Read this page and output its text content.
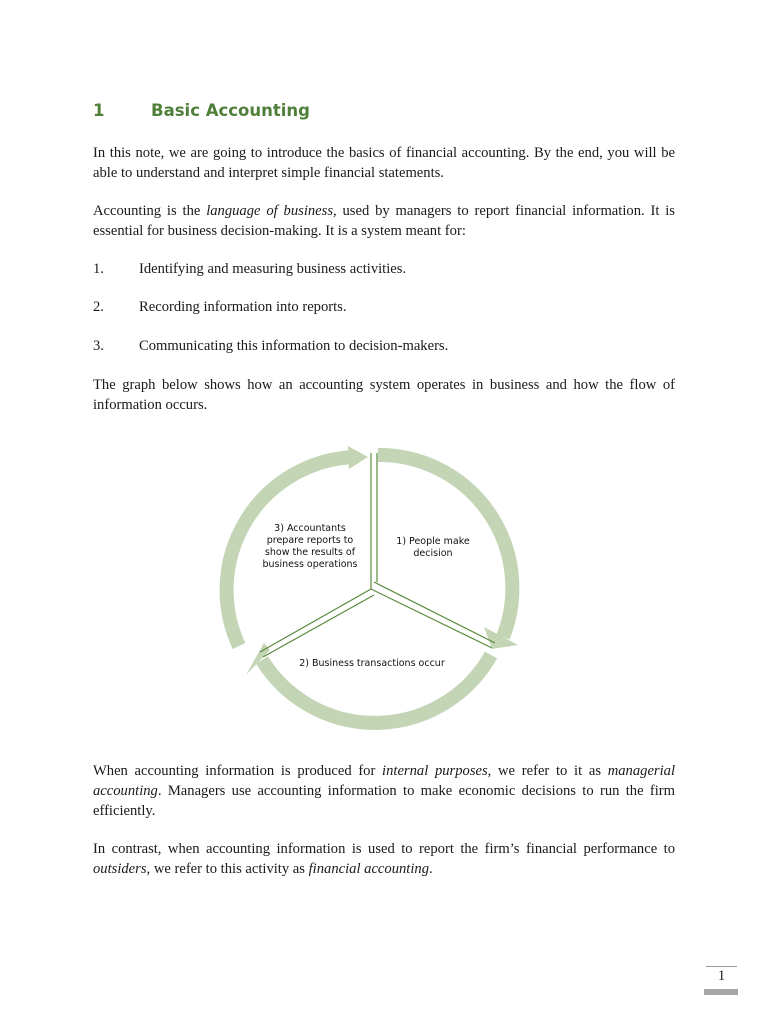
1	Basic Accounting

In this note, we are going to introduce the basics of financial accounting. By the end, you will be able to understand and interpret simple financial statements.

Accounting is the language of business, used by managers to report financial information. It is essential for business decision-making. It is a system meant for:

1. Identifying and measuring business activities.
2. Recording information into reports.
3. Communicating this information to decision-makers.

The graph below shows how an accounting system operates in business and how the flow of information occurs.

1) People make
decision
2) Business transactions occur
3) Accountants
prepare reports to
show the results of
business operations

When accounting information is produced for internal purposes, we refer to it as managerial accounting. Managers use accounting information to make economic decisions to run the firm efficiently.

In contrast, when accounting information is used to report the firm’s financial performance to outsiders, we refer to this activity as financial accounting.

1
